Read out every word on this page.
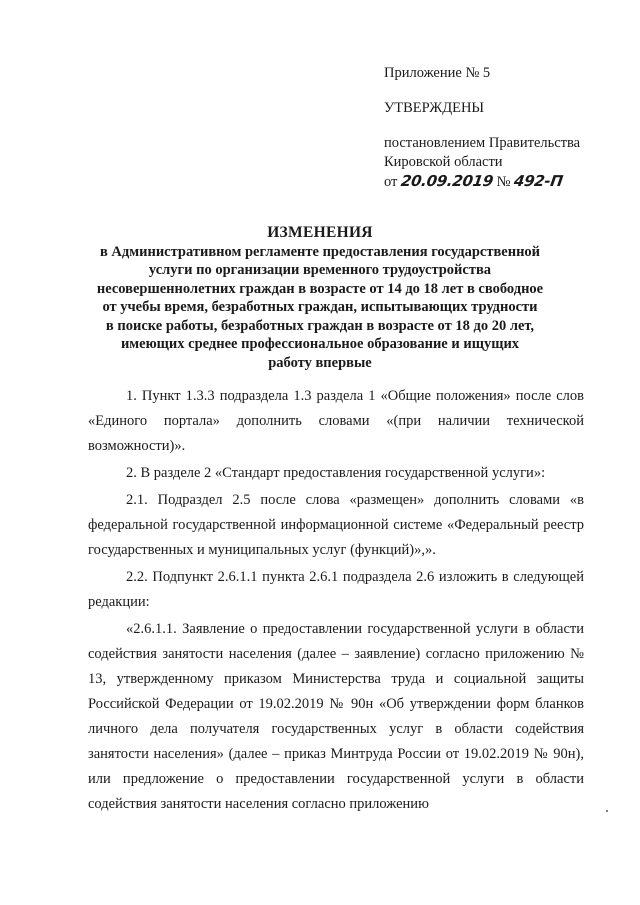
Приложение № 5
УТВЕРЖДЕНЫ
постановлением Правительства
Кировской области
от 20.09.2019 № 492-П
ИЗМЕНЕНИЯ
в Административном регламенте предоставления государственной
услуги по организации временного трудоустройства
несовершеннолетних граждан в возрасте от 14 до 18 лет в свободное
от учебы время, безработных граждан, испытывающих трудности
в поиске работы, безработных граждан в возрасте от 18 до 20 лет,
имеющих среднее профессиональное образование и ищущих
работу впервые

1. Пункт 1.3.3 подраздела 1.3 раздела 1 «Общие положения» после слов «Единого портала» дополнить словами «(при наличии технической возможности)».

2. В разделе 2 «Стандарт предоставления государственной услуги»:

2.1. Подраздел 2.5 после слова «размещен» дополнить словами «в федеральной государственной информационной системе «Федеральный реестр государственных и муниципальных услуг (функций)»,».

2.2. Подпункт 2.6.1.1 пункта 2.6.1 подраздела 2.6 изложить в следующей редакции:

«2.6.1.1. Заявление о предоставлении государственной услуги в области содействия занятости населения (далее – заявление) согласно приложению № 13, утвержденному приказом Министерства труда и социальной защиты Российской Федерации от 19.02.2019 № 90н «Об утверждении форм бланков личного дела получателя государственных услуг в области содействия занятости населения» (далее – приказ Минтруда России от 19.02.2019 № 90н), или предложение о предоставлении государственной услуги в области содействия занятости населения согласно приложению
